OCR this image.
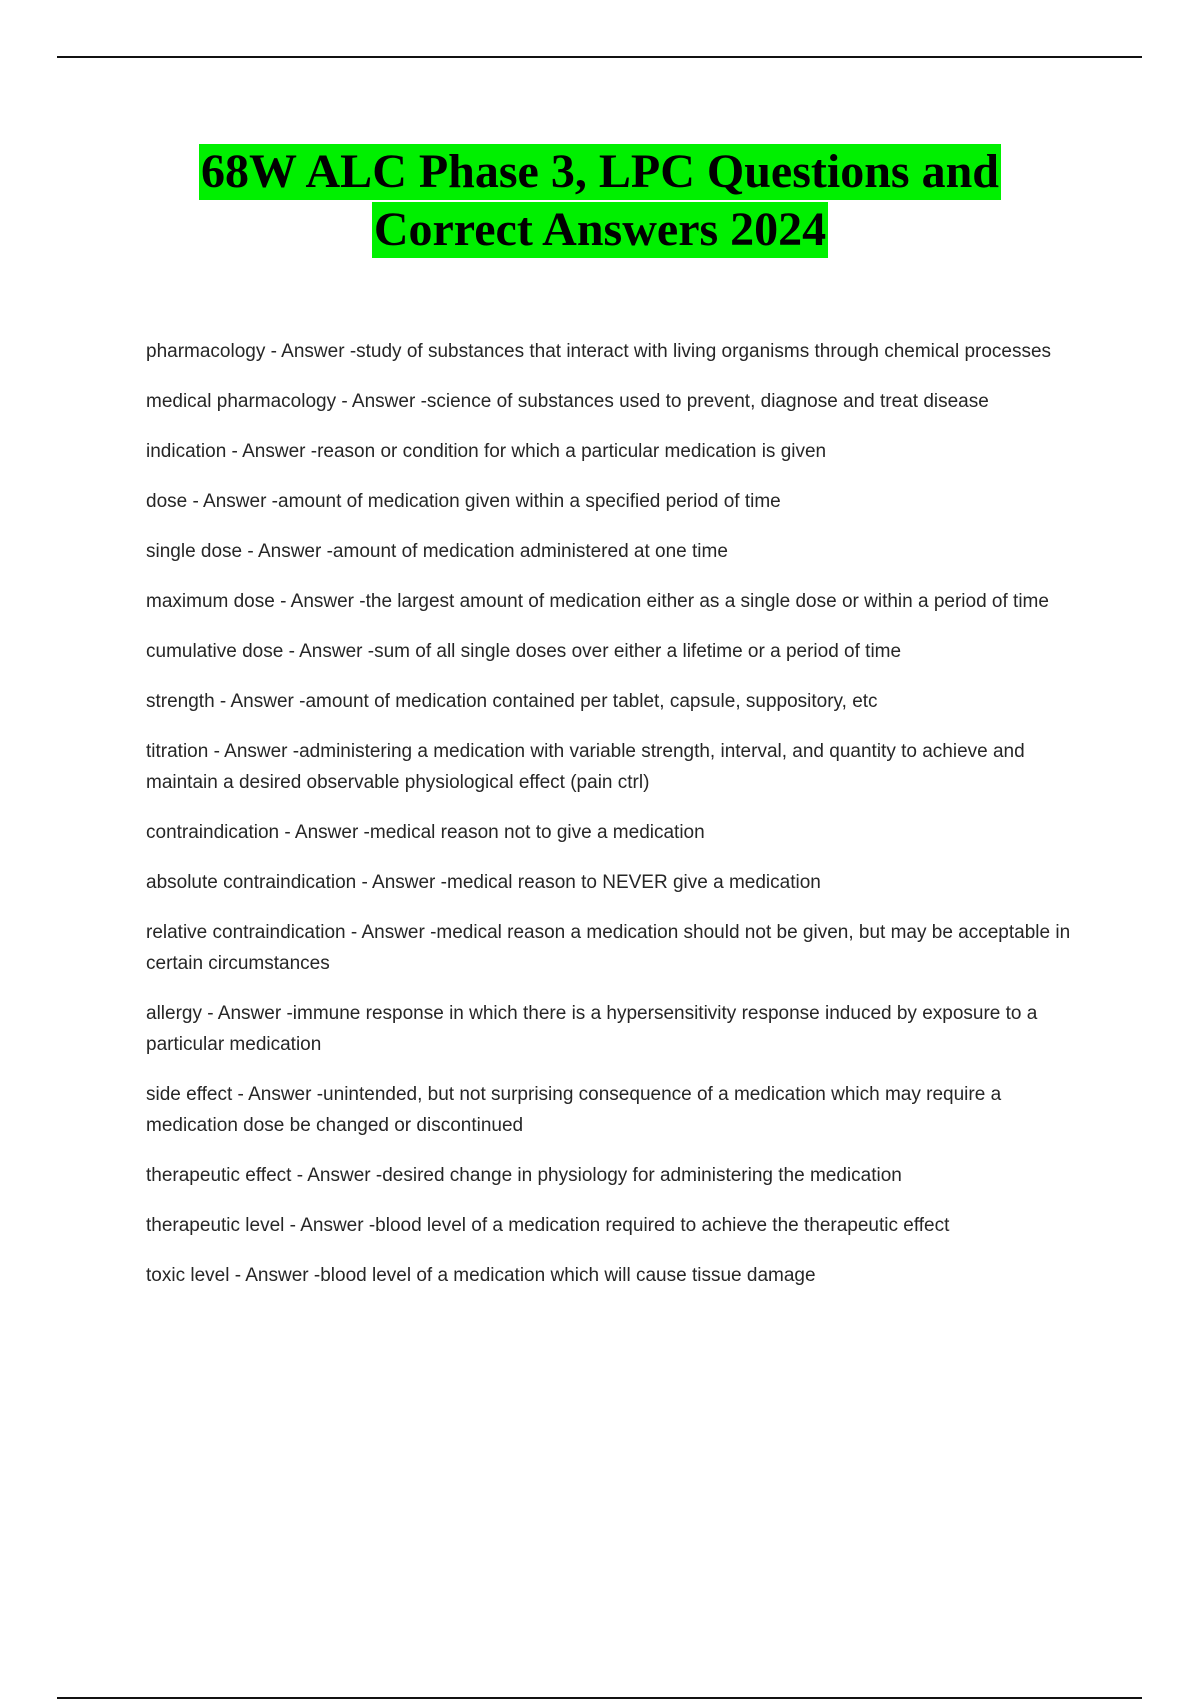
68W ALC Phase 3, LPC Questions and
Correct Answers 2024

pharmacology - Answer -study of substances that interact with living organisms through chemical processes

medical pharmacology - Answer -science of substances used to prevent, diagnose and treat disease

indication - Answer -reason or condition for which a particular medication is given

dose - Answer -amount of medication given within a specified period of time

single dose - Answer -amount of medication administered at one time

maximum dose - Answer -the largest amount of medication either as a single dose or within a period of time

cumulative dose - Answer -sum of all single doses over either a lifetime or a period of time

strength - Answer -amount of medication contained per tablet, capsule, suppository, etc

titration - Answer -administering a medication with variable strength, interval, and quantity to achieve and maintain a desired observable physiological effect (pain ctrl)

contraindication - Answer -medical reason not to give a medication

absolute contraindication - Answer -medical reason to NEVER give a medication

relative contraindication - Answer -medical reason a medication should not be given, but may be acceptable in certain circumstances

allergy - Answer -immune response in which there is a hypersensitivity response induced by exposure to a particular medication

side effect - Answer -unintended, but not surprising consequence of a medication which may require a medication dose be changed or discontinued

therapeutic effect - Answer -desired change in physiology for administering the medication

therapeutic level - Answer -blood level of a medication required to achieve the therapeutic effect

toxic level - Answer -blood level of a medication which will cause tissue damage
